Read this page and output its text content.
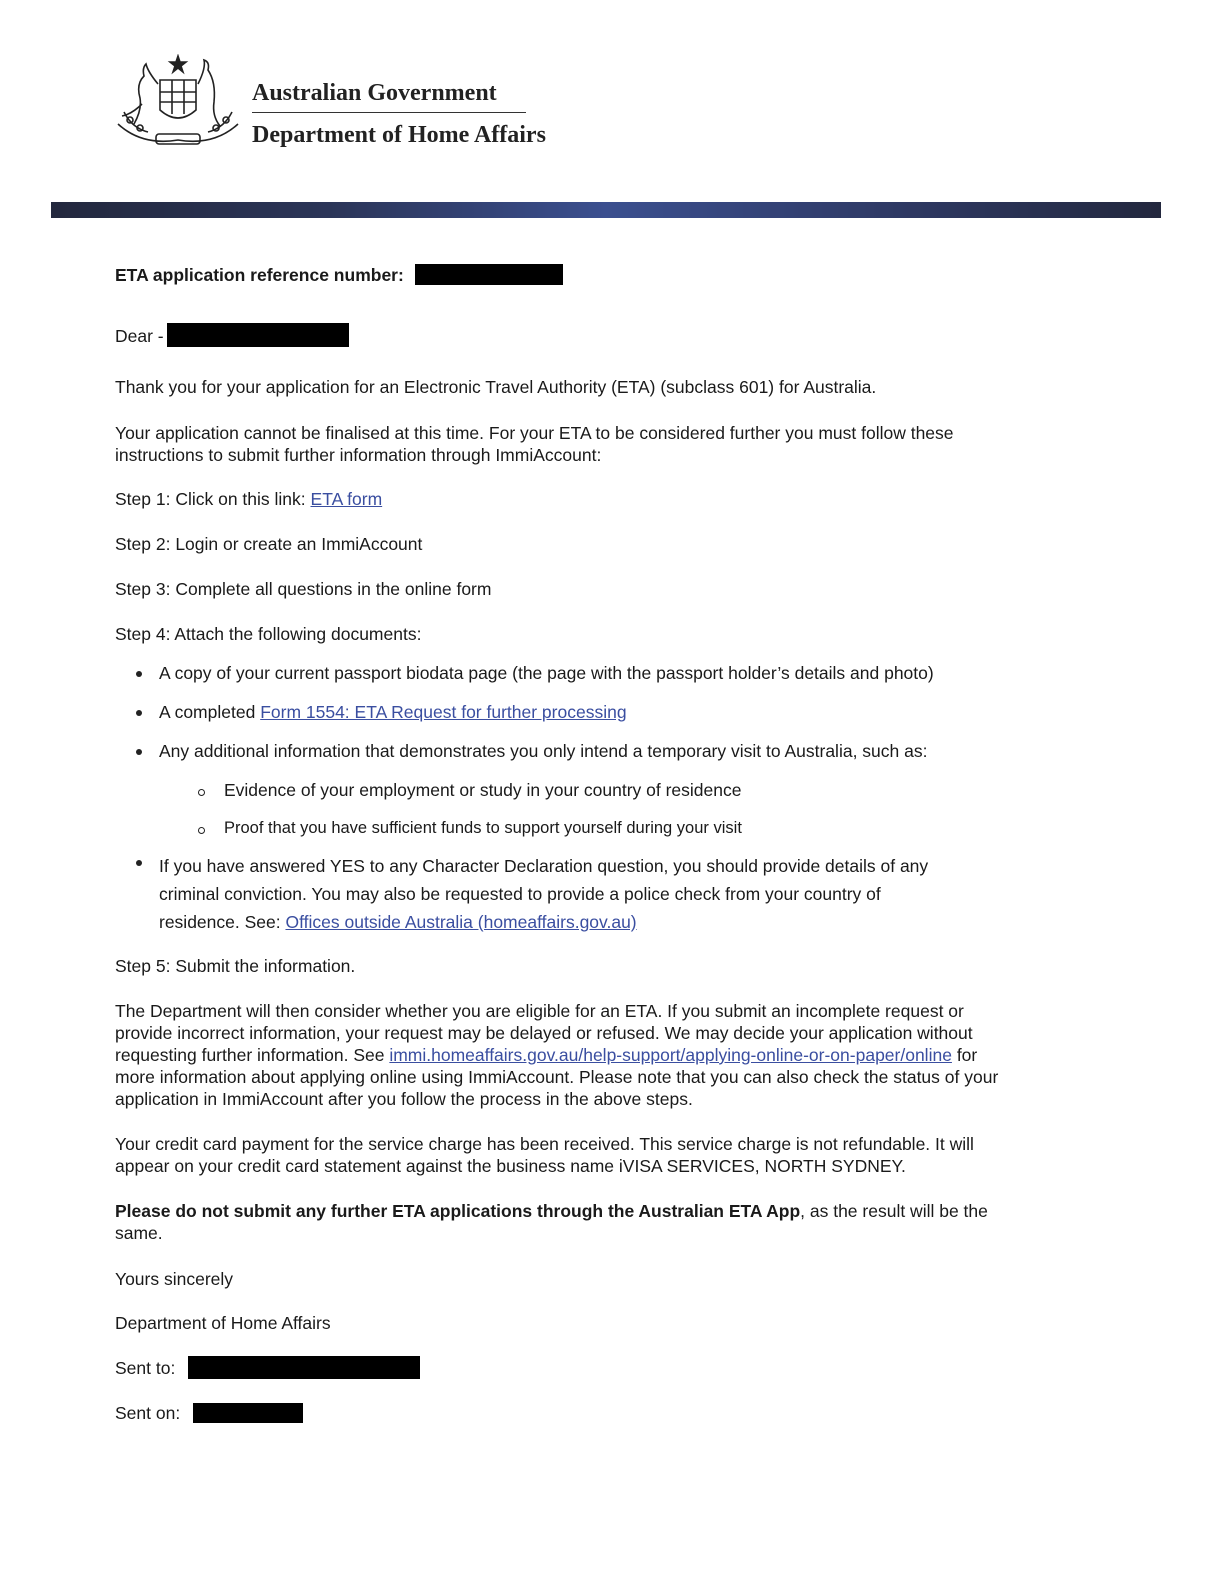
Australian Government
Department of Home Affairs
ETA application reference number:
Dear -
Thank you for your application for an Electronic Travel Authority (ETA) (subclass 601) for Australia.
Your application cannot be finalised at this time. For your ETA to be considered further you must follow these instructions to submit further information through ImmiAccount:
Step 1: Click on this link: ETA form
Step 2: Login or create an ImmiAccount
Step 3: Complete all questions in the online form
Step 4: Attach the following documents:
A copy of your current passport biodata page (the page with the passport holder’s details and photo)
A completed Form 1554: ETA Request for further processing
Any additional information that demonstrates you only intend a temporary visit to Australia, such as:
Evidence of your employment or study in your country of residence
Proof that you have sufficient funds to support yourself during your visit
If you have answered YES to any Character Declaration question, you should provide details of any
criminal conviction. You may also be requested to provide a police check from your country of
residence. See: Offices outside Australia (homeaffairs.gov.au)
Step 5: Submit the information.
The Department will then consider whether you are eligible for an ETA. If you submit an incomplete request or provide incorrect information, your request may be delayed or refused. We may decide your application without requesting further information. See immi.homeaffairs.gov.au/help-support/applying-online-or-on-paper/online for more information about applying online using ImmiAccount. Please note that you can also check the status of your application in ImmiAccount after you follow the process in the above steps.
Your credit card payment for the service charge has been received. This service charge is not refundable. It will appear on your credit card statement against the business name iVISA SERVICES, NORTH SYDNEY.
Please do not submit any further ETA applications through the Australian ETA App, as the result will be the same.
Yours sincerely
Department of Home Affairs
Sent to:
Sent on:
